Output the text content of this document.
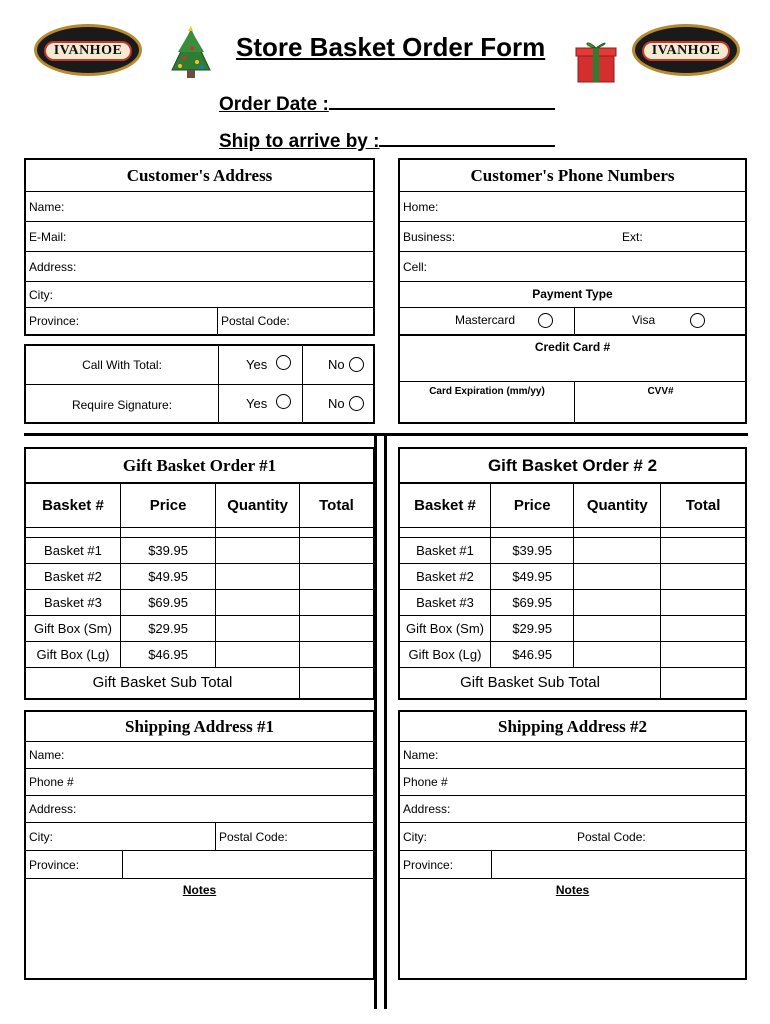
IVANHOE	Store Basket Order Form	IVANHOE
Order Date :
Ship to arrive by :
Customer's Address
Name:
E-Mail:
Address:
City:
Province:	Postal Code:
Call With Total:	Yes	No
Require Signature:	Yes	No
Customer's Phone Numbers
Home:
Business:	Ext:
Cell:
Payment Type
Mastercard	Visa
Credit Card #
Card Expiration (mm/yy)	CVV#
Gift Basket Order #1
Basket #	Price	Quantity	Total

Basket #1	$39.95		
Basket #2	$49.95		
Basket #3	$69.95		
Gift Box (Sm)	$29.95		
Gift Box (Lg)	$46.95		
Gift Basket Sub Total			
Gift Basket Order # 2
Basket #	Price	Quantity	Total

Basket #1	$39.95		
Basket #2	$49.95		
Basket #3	$69.95		
Gift Box (Sm)	$29.95		
Gift Box (Lg)	$46.95		
Gift Basket Sub Total			
Shipping Address #1
Name:
Phone #
Address:
City:	Postal Code:
Province:
Notes
Shipping Address #2
Name:
Phone #
Address:
City:	Postal Code:
Province:
Notes
